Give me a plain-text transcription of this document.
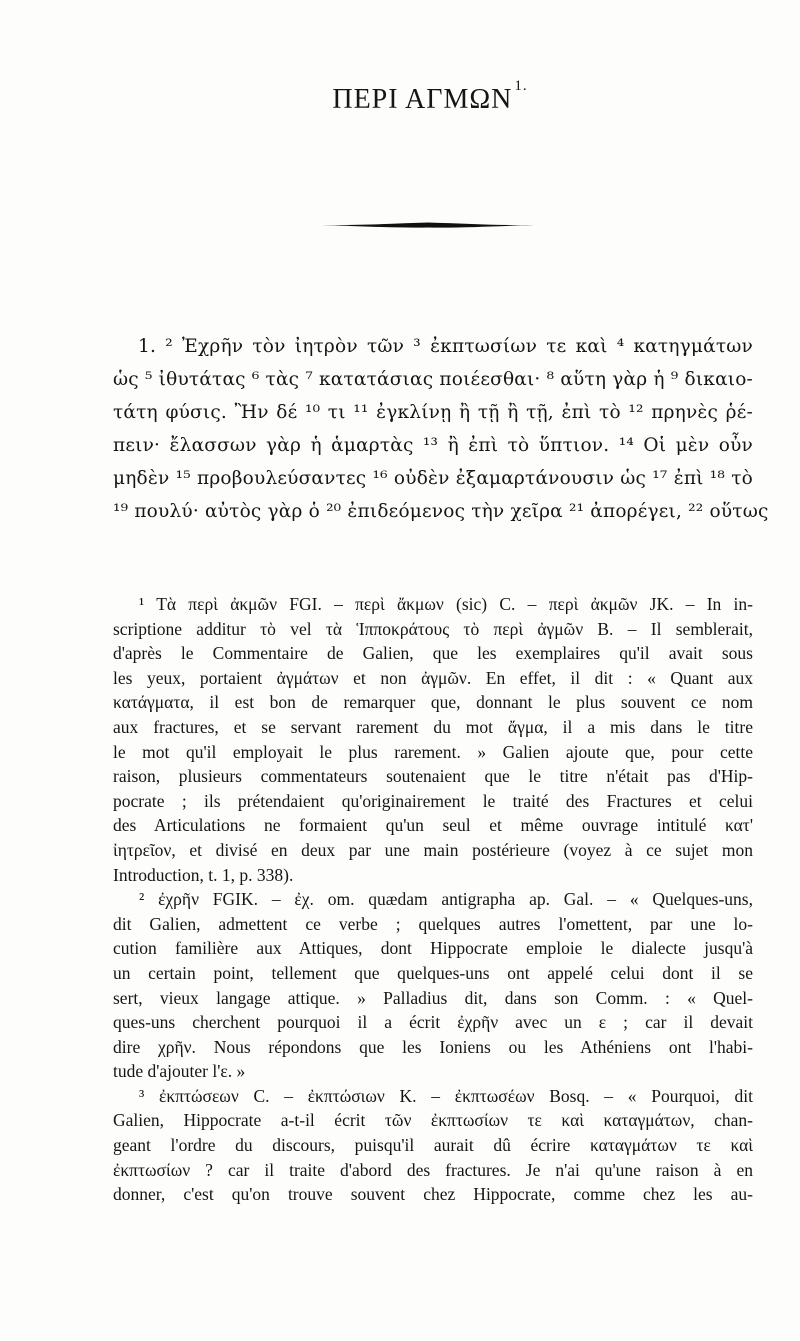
ΠΕΡΙ ΑΓΜΩΝ $^{1.}$
1. ² Ἐχρῆν τὸν ἰητρὸν τῶν ³ ἐκπτωσίων τε καὶ ⁴ κατηγμάτων
ὡς ⁵ ἰθυτάτας ⁶ τὰς ⁷ κατατάσιας ποιέεσθαι· ⁸ αὕτη γὰρ ἡ ⁹ δικαιο-
τάτη φύσις. Ἢν δέ ¹⁰ τι ¹¹ ἐγκλίνῃ ἢ τῇ ἢ τῇ, ἐπὶ τὸ ¹² πρηνὲς ῥέ-
πειν· ἔλασσων γὰρ ἡ ἁμαρτὰς ¹³ ἢ ἐπὶ τὸ ὕπτιον. ¹⁴ Οἱ μὲν οὖν
μηδὲν ¹⁵ προβουλεύσαντες ¹⁶ οὐδὲν ἐξαμαρτάνουσιν ὡς ¹⁷ ἐπὶ ¹⁸ τὸ
¹⁹ πουλύ· αὐτὸς γὰρ ὁ ²⁰ ἐπιδεόμενος τὴν χεῖρα ²¹ ἀπορέγει, ²² οὕτως
¹ Τὰ περὶ ἀκμῶν FGI. – περὶ ἄκμων (sic) C. – περὶ ἀκμῶν JK. – In in-
scriptione additur τὸ vel τὰ Ἱπποκράτους τὸ περὶ ἀγμῶν B. – Il semblerait,
d'après le Commentaire de Galien, que les exemplaires qu'il avait sous
les yeux, portaient ἀγμάτων et non ἀγμῶν. En effet, il dit : « Quant aux
κατάγματα, il est bon de remarquer que, donnant le plus souvent ce nom
aux fractures, et se servant rarement du mot ἄγμα, il a mis dans le titre
le mot qu'il employait le plus rarement. » Galien ajoute que, pour cette
raison, plusieurs commentateurs soutenaient que le titre n'était pas d'Hip-
pocrate ; ils prétendaient qu'originairement le traité des Fractures et celui
des Articulations ne formaient qu'un seul et même ouvrage intitulé κατ'
ἰητρεῖον, et divisé en deux par une main postérieure (voyez à ce sujet mon
Introduction, t. 1, p. 338).
² ἐχρῆν FGIK. – ἐχ. om. quædam antigrapha ap. Gal. – « Quelques-uns,
dit Galien, admettent ce verbe ; quelques autres l'omettent, par une lo-
cution familière aux Attiques, dont Hippocrate emploie le dialecte jusqu'à
un certain point, tellement que quelques-uns ont appelé celui dont il se
sert, vieux langage attique. » Palladius dit, dans son Comm. : « Quel-
ques-uns cherchent pourquoi il a écrit ἐχρῆν avec un ε ; car il devait
dire χρῆν. Nous répondons que les Ioniens ou les Athéniens ont l'habi-
tude d'ajouter l'ε. »
³ ἐκπτώσεων C. – ἐκπτώσιων K. – ἐκπτωσέων Bosq. – « Pourquoi, dit
Galien, Hippocrate a-t-il écrit τῶν ἐκπτωσίων τε καὶ καταγμάτων, chan-
geant l'ordre du discours, puisqu'il aurait dû écrire καταγμάτων τε καὶ
ἐκπτωσίων ? car il traite d'abord des fractures. Je n'ai qu'une raison à en
donner, c'est qu'on trouve souvent chez Hippocrate, comme chez les au-
